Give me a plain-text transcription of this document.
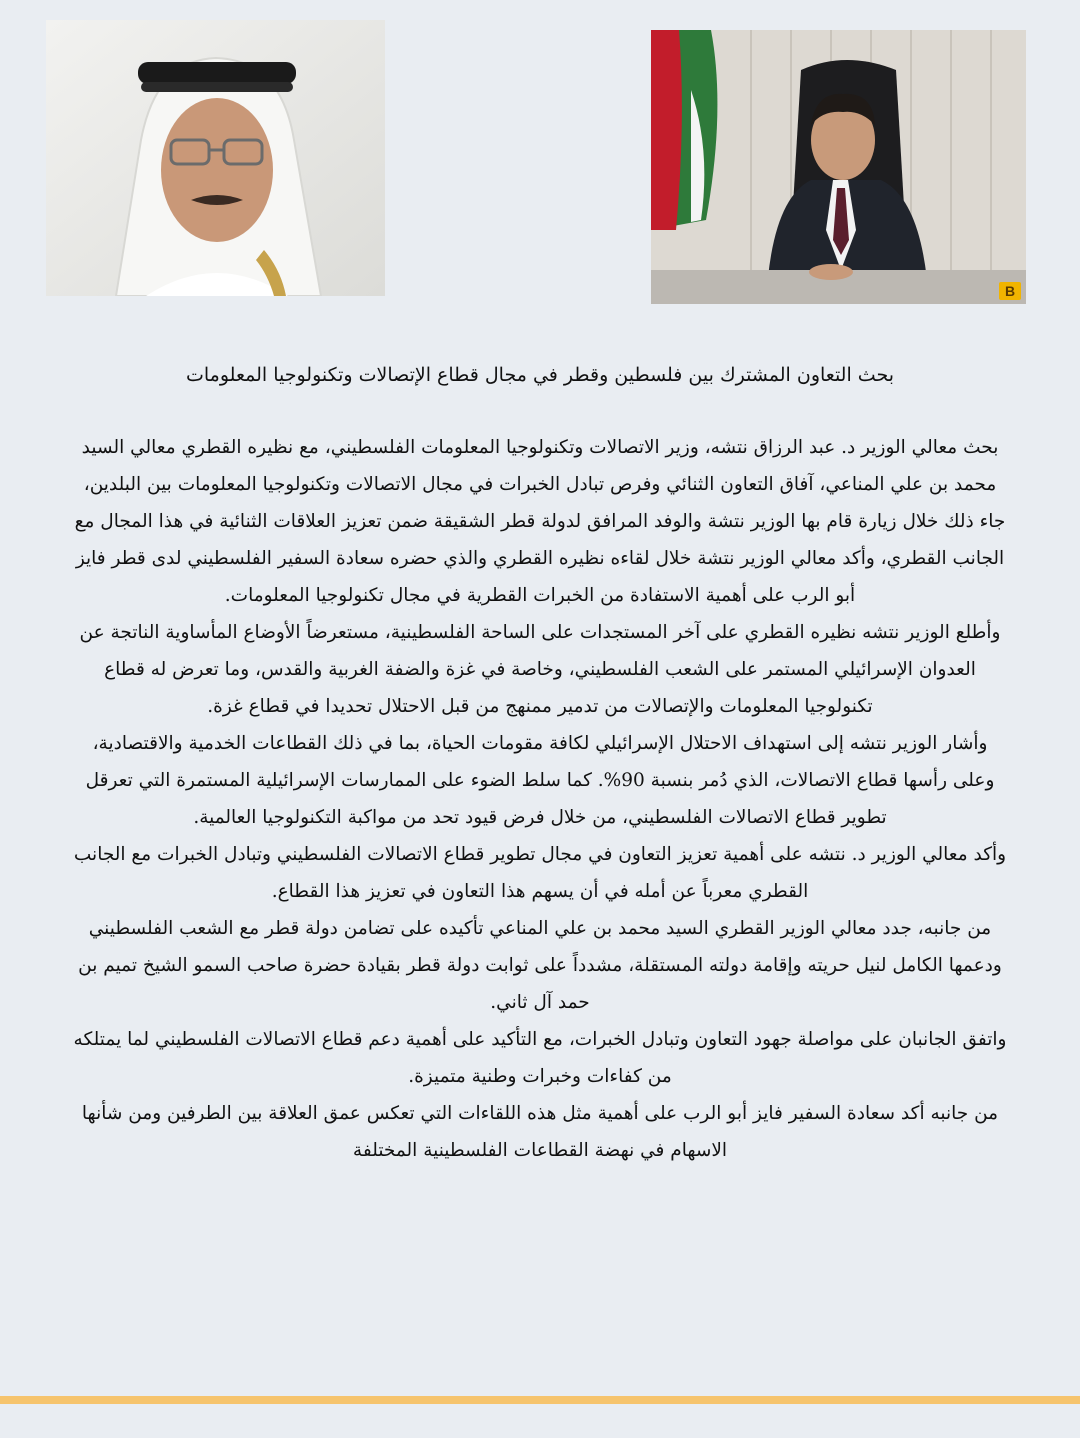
B
بحث التعاون المشترك بين فلسطين وقطر في مجال قطاع الإتصالات وتكنولوجيا المعلومات

بحث معالي الوزير د. عبد الرزاق نتشه، وزير الاتصالات وتكنولوجيا المعلومات الفلسطيني، مع نظيره القطري معالي السيد محمد بن علي المناعي، آفاق التعاون الثنائي وفرص تبادل الخبرات في مجال الاتصالات وتكنولوجيا المعلومات بين البلدين، جاء ذلك خلال زيارة قام بها الوزير نتشة والوفد المرافق لدولة قطر الشقيقة ضمن تعزيز العلاقات الثنائية في هذا المجال مع الجانب القطري، وأكد معالي الوزير نتشة خلال لقاءه نظيره القطري والذي حضره سعادة السفير الفلسطيني لدى قطر فايز أبو الرب على أهمية الاستفادة من الخبرات القطرية في مجال تكنولوجيا المعلومات.

وأطلع الوزير نتشه نظيره القطري على آخر المستجدات على الساحة الفلسطينية، مستعرضاً الأوضاع المأساوية الناتجة عن العدوان الإسرائيلي المستمر على الشعب الفلسطيني، وخاصة في غزة والضفة الغربية والقدس، وما تعرض له قطاع تكنولوجيا المعلومات والإتصالات من تدمير ممنهج من قبل الاحتلال تحديدا في قطاع غزة.

وأشار الوزير نتشه إلى استهداف الاحتلال الإسرائيلي لكافة مقومات الحياة، بما في ذلك القطاعات الخدمية والاقتصادية، وعلى رأسها قطاع الاتصالات، الذي دُمر بنسبة 90%. كما سلط الضوء على الممارسات الإسرائيلية المستمرة التي تعرقل تطوير قطاع الاتصالات الفلسطيني، من خلال فرض قيود تحد من مواكبة التكنولوجيا العالمية.

وأكد معالي الوزير د. نتشه على أهمية تعزيز التعاون في مجال تطوير قطاع الاتصالات الفلسطيني وتبادل الخبرات مع الجانب القطري معرباً عن أمله في أن يسهم هذا التعاون في تعزيز هذا القطاع.

من جانبه، جدد معالي الوزير القطري السيد محمد بن علي المناعي تأكيده على تضامن دولة قطر مع الشعب الفلسطيني ودعمها الكامل لنيل حريته وإقامة دولته المستقلة، مشدداً على ثوابت دولة قطر بقيادة حضرة صاحب السمو الشيخ تميم بن حمد آل ثاني.

واتفق الجانبان على مواصلة جهود التعاون وتبادل الخبرات، مع التأكيد على أهمية دعم قطاع الاتصالات الفلسطيني لما يمتلكه من كفاءات وخبرات وطنية متميزة.

من جانبه أكد سعادة السفير فايز أبو الرب على أهمية مثل هذه اللقاءات التي تعكس عمق العلاقة بين الطرفين ومن شأنها الاسهام في نهضة القطاعات الفلسطينية المختلفة
